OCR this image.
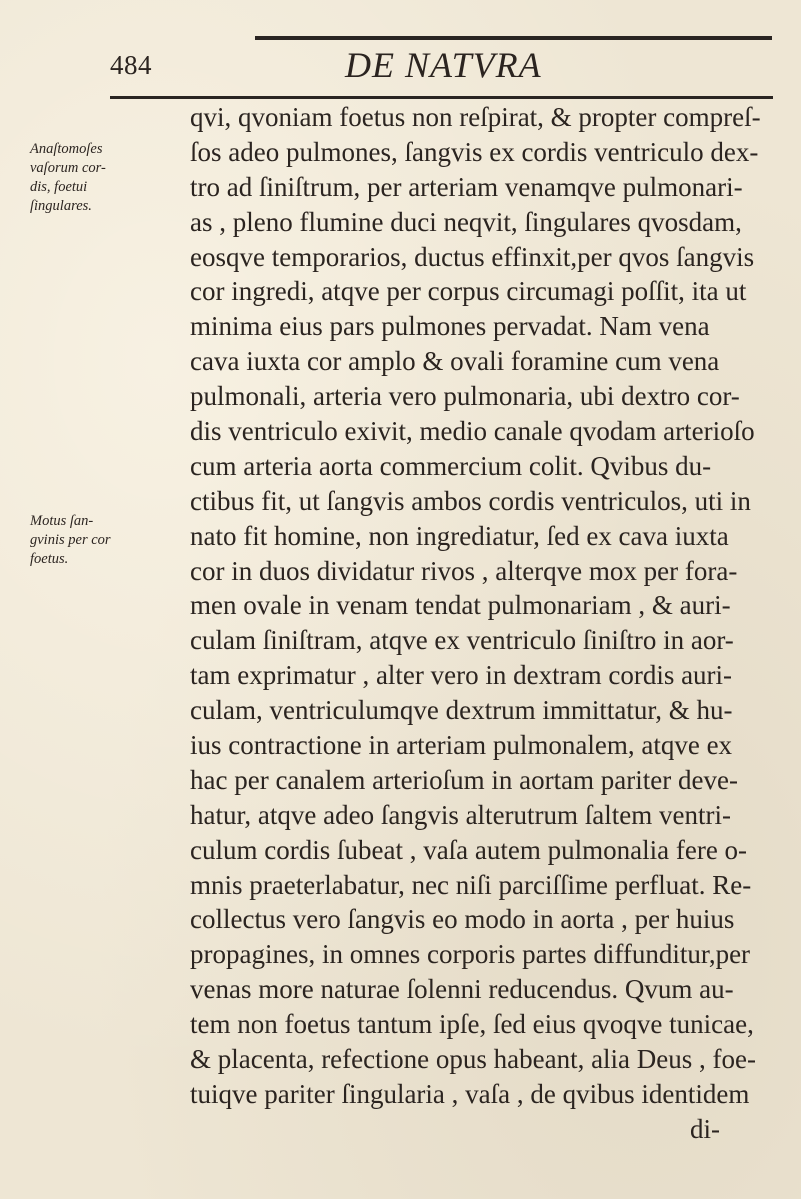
484	DE NATVRA
Anaſtomoſes
vaſorum cor-
dis, foetui
ſingulares.
Motus ſan-
gvinis per cor
foetus.
qvi, qvoniam foetus non reſpirat, & propter compreſ-
ſos adeo pulmones, ſangvis ex cordis ventriculo dex-
tro ad ſiniſtrum, per arteriam venamqve pulmonari-
as , pleno flumine duci neqvit, ſingulares qvosdam,
eosqve temporarios, ductus effinxit,per qvos ſangvis
cor ingredi, atqve per corpus circumagi poſſit, ita ut
minima eius pars pulmones pervadat. Nam vena
cava iuxta cor amplo & ovali foramine cum vena
pulmonali, arteria vero pulmonaria, ubi dextro cor-
dis ventriculo exivit, medio canale qvodam arterioſo
cum arteria aorta commercium colit. Qvibus du-
ctibus fit, ut ſangvis ambos cordis ventriculos, uti in
nato fit homine, non ingrediatur, ſed ex cava iuxta
cor in duos dividatur rivos , alterqve mox per fora-
men ovale in venam tendat pulmonariam , & auri-
culam ſiniſtram, atqve ex ventriculo ſiniſtro in aor-
tam exprimatur , alter vero in dextram cordis auri-
culam, ventriculumqve dextrum immittatur, & hu-
ius contractione in arteriam pulmonalem, atqve ex
hac per canalem arterioſum in aortam pariter deve-
hatur, atqve adeo ſangvis alterutrum ſaltem ventri-
culum cordis ſubeat , vaſa autem pulmonalia fere o-
mnis praeterlabatur, nec niſi parciſſime perfluat. Re-
collectus vero ſangvis eo modo in aorta , per huius
propagines, in omnes corporis partes diffunditur,per
venas more naturae ſolenni reducendus. Qvum au-
tem non foetus tantum ipſe, ſed eius qvoqve tunicae,
& placenta, refectione opus habeant, alia Deus , foe-
tuiqve pariter ſingularia , vaſa , de qvibus identidem
di-
